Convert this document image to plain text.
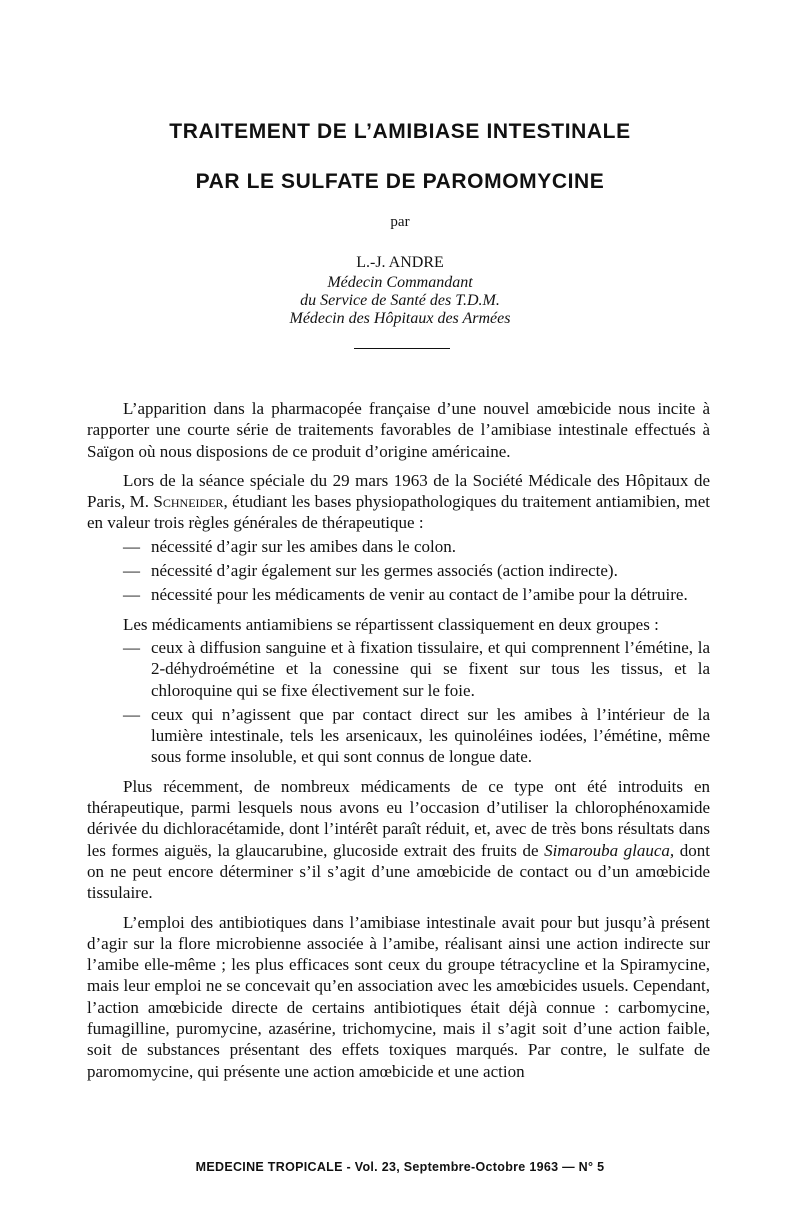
TRAITEMENT DE L’AMIBIASE INTESTINALE
PAR LE SULFATE DE PAROMOMYCINE
par
L.-J. ANDRE
Médecin Commandant
du Service de Santé des T.D.M.
Médecin des Hôpitaux des Armées

L’apparition dans la pharmacopée française d’une nouvel amœbicide nous incite à rapporter une courte série de traitements favorables de l’amibiase intestinale effectués à Saïgon où nous disposions de ce produit d’origine américaine.

Lors de la séance spéciale du 29 mars 1963 de la Société Médicale des Hôpitaux de Paris, M. Schneider, étudiant les bases physiopathologiques du traitement antiamibien, met en valeur trois règles générales de thérapeutique :

— nécessité d’agir sur les amibes dans le colon.
— nécessité d’agir également sur les germes associés (action indirecte).
— nécessité pour les médicaments de venir au contact de l’amibe pour la détruire.

Les médicaments antiamibiens se répartissent classiquement en deux groupes :

— ceux à diffusion sanguine et à fixation tissulaire, et qui comprennent l’émétine, la 2-déhydroémétine et la conessine qui se fixent sur tous les tissus, et la chloroquine qui se fixe électivement sur le foie.
— ceux qui n’agissent que par contact direct sur les amibes à l’intérieur de la lumière intestinale, tels les arsenicaux, les quinoléines iodées, l’émétine, même sous forme insoluble, et qui sont connus de longue date.

Plus récemment, de nombreux médicaments de ce type ont été introduits en thérapeutique, parmi lesquels nous avons eu l’occasion d’utiliser la chlorophénoxamide dérivée du dichloracétamide, dont l’intérêt paraît réduit, et, avec de très bons résultats dans les formes aiguës, la glaucarubine, glucoside extrait des fruits de Simarouba glauca, dont on ne peut encore déterminer s’il s’agit d’une amœbicide de contact ou d’un amœbicide tissulaire.

L’emploi des antibiotiques dans l’amibiase intestinale avait pour but jusqu’à présent d’agir sur la flore microbienne associée à l’amibe, réalisant ainsi une action indirecte sur l’amibe elle-même ; les plus efficaces sont ceux du groupe tétracycline et la Spiramycine, mais leur emploi ne se concevait qu’en association avec les amœbicides usuels. Cependant, l’action amœbicide directe de certains antibiotiques était déjà connue : carbomycine, fumagilline, puromycine, azasérine, trichomycine, mais il s’agit soit d’une action faible, soit de substances présentant des effets toxiques marqués. Par contre, le sulfate de paromomycine, qui présente une action amœbicide et une action

MEDECINE TROPICALE - Vol. 23, Septembre-Octobre 1963 — N° 5
